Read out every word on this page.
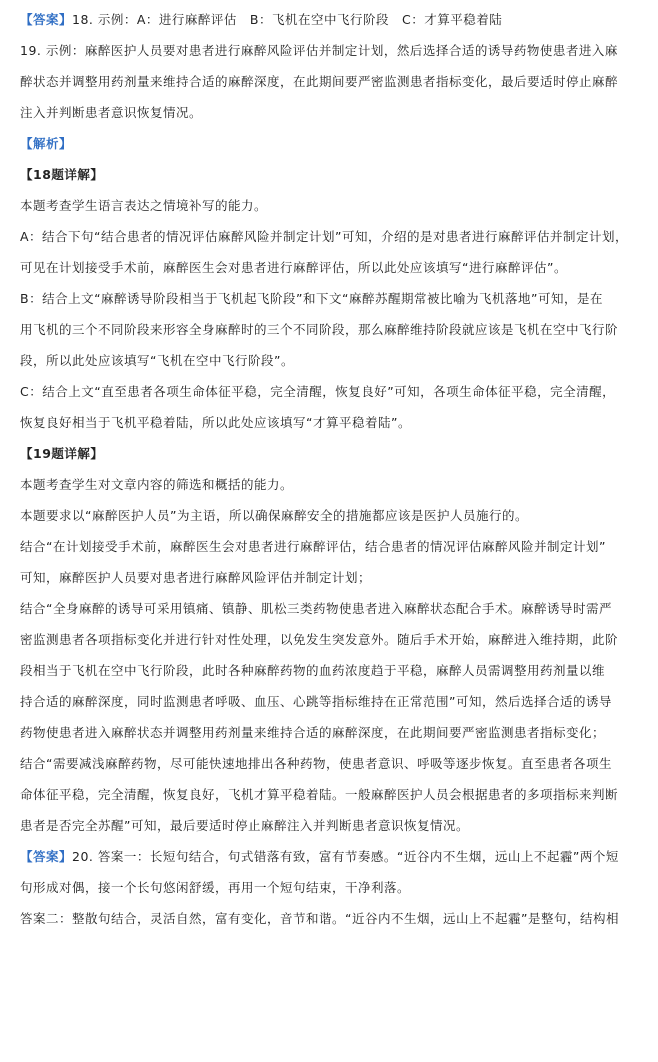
【答案】18. 示例：A：进行麻醉评估　B：飞机在空中飞行阶段　C：才算平稳着陆

19. 示例：麻醉医护人员要对患者进行麻醉风险评估并制定计划，然后选择合适的诱导药物使患者进入麻

醉状态并调整用药剂量来维持合适的麻醉深度，在此期间要严密监测患者指标变化，最后要适时停止麻醉

注入并判断患者意识恢复情况。

【解析】

【18题详解】

本题考查学生语言表达之情境补写的能力。

A：结合下句“结合患者的情况评估麻醉风险并制定计划”可知，介绍的是对患者进行麻醉评估并制定计划，

可见在计划接受手术前，麻醉医生会对患者进行麻醉评估，所以此处应该填写“进行麻醉评估”。

B：结合上文“麻醉诱导阶段相当于飞机起飞阶段”和下文“麻醉苏醒期常被比喻为飞机落地”可知，是在

用飞机的三个不同阶段来形容全身麻醉时的三个不同阶段，那么麻醉维持阶段就应该是飞机在空中飞行阶

段，所以此处应该填写“飞机在空中飞行阶段”。

C：结合上文“直至患者各项生命体征平稳，完全清醒，恢复良好”可知，各项生命体征平稳，完全清醒，

恢复良好相当于飞机平稳着陆，所以此处应该填写“才算平稳着陆”。

【19题详解】

本题考查学生对文章内容的筛选和概括的能力。

本题要求以“麻醉医护人员”为主语，所以确保麻醉安全的措施都应该是医护人员施行的。

结合“在计划接受手术前，麻醉医生会对患者进行麻醉评估，结合患者的情况评估麻醉风险并制定计划”

可知，麻醉医护人员要对患者进行麻醉风险评估并制定计划；

结合“全身麻醉的诱导可采用镇痛、镇静、肌松三类药物使患者进入麻醉状态配合手术。麻醉诱导时需严

密监测患者各项指标变化并进行针对性处理，以免发生突发意外。随后手术开始，麻醉进入维持期，此阶

段相当于飞机在空中飞行阶段，此时各种麻醉药物的血药浓度趋于平稳，麻醉人员需调整用药剂量以维

持合适的麻醉深度，同时监测患者呼吸、血压、心跳等指标维持在正常范围”可知，然后选择合适的诱导

药物使患者进入麻醉状态并调整用药剂量来维持合适的麻醉深度，在此期间要严密监测患者指标变化；

结合“需要减浅麻醉药物，尽可能快速地排出各种药物，使患者意识、呼吸等逐步恢复。直至患者各项生

命体征平稳，完全清醒，恢复良好，飞机才算平稳着陆。一般麻醉医护人员会根据患者的多项指标来判断

患者是否完全苏醒”可知，最后要适时停止麻醉注入并判断患者意识恢复情况。

【答案】20. 答案一：长短句结合，句式错落有致，富有节奏感。“近谷内不生烟，远山上不起霾”两个短

句形成对偶，接一个长句悠闲舒缓，再用一个短句结束，干净利落。

答案二：整散句结合，灵活自然，富有变化，音节和谐。“近谷内不生烟，远山上不起霾”是整句，结构相
